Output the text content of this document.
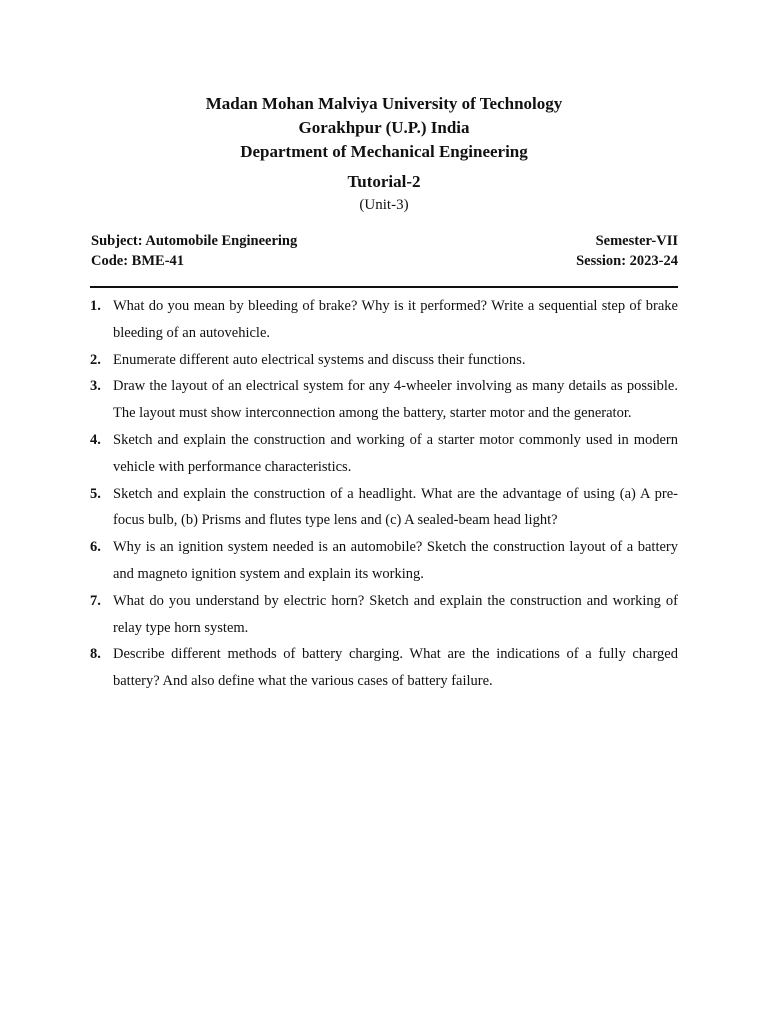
Madan Mohan Malviya University of Technology
Gorakhpur (U.P.) India
Department of Mechanical Engineering
Tutorial-2
(Unit-3)
Subject: Automobile Engineering	Semester-VII
Code: BME-41	Session: 2023-24
1. What do you mean by bleeding of brake? Why is it performed? Write a sequential step of brake bleeding of an autovehicle.
2. Enumerate different auto electrical systems and discuss their functions.
3. Draw the layout of an electrical system for any 4-wheeler involving as many details as possible. The layout must show interconnection among the battery, starter motor and the generator.
4. Sketch and explain the construction and working of a starter motor commonly used in modern vehicle with performance characteristics.
5. Sketch and explain the construction of a headlight. What are the advantage of using (a) A pre-focus bulb, (b) Prisms and flutes type lens and (c) A sealed-beam head light?
6. Why is an ignition system needed is an automobile? Sketch the construction layout of a battery and magneto ignition system and explain its working.
7. What do you understand by electric horn? Sketch and explain the construction and working of relay type horn system.
8. Describe different methods of battery charging. What are the indications of a fully charged battery? And also define what the various cases of battery failure.
